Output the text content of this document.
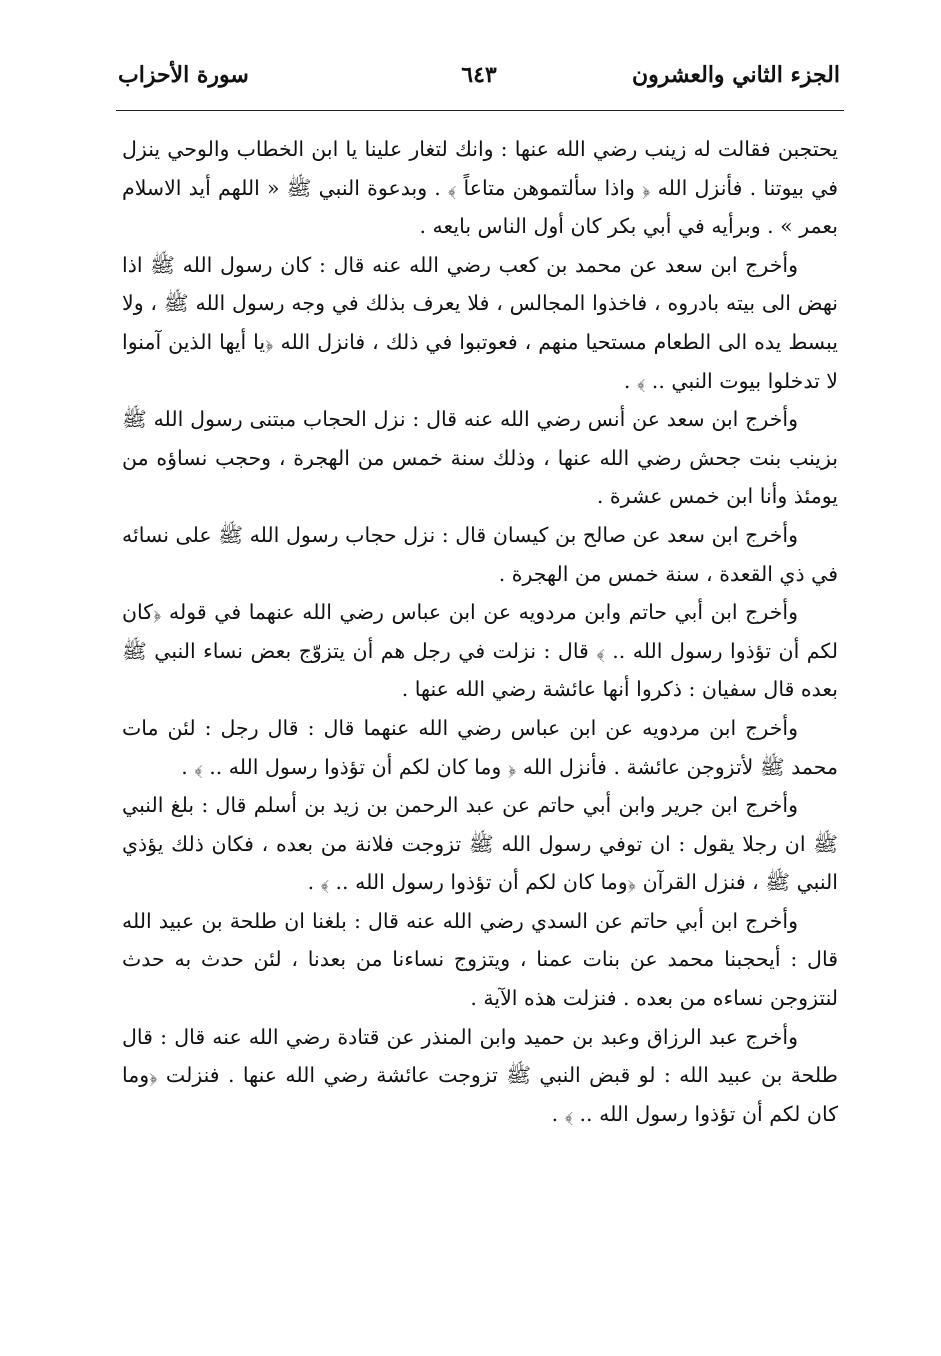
الجزء الثاني والعشرون
٦٤٣
سورة الأحزاب

يحتجبن فقالت له زينب رضي الله عنها : وانك لتغار علينا يا ابن الخطاب والوحي ينزل في بيوتنا . فأنزل الله ﴿ واذا سألتموهن متاعاً ﴾ . وبدعوة النبي ﷺ « اللهم أيد الاسلام بعمر » . وبرأيه في أبي بكر كان أول الناس بايعه .

وأخرج ابن سعد عن محمد بن كعب رضي الله عنه قال : كان رسول الله ﷺ اذا نهض الى بيته بادروه ، فاخذوا المجالس ، فلا يعرف بذلك في وجه رسول الله ﷺ ، ولا يبسط يده الى الطعام مستحيا منهم ، فعوتبوا في ذلك ، فانزل الله ﴿يا أيها الذين آمنوا لا تدخلوا بيوت النبي .. ﴾ .

وأخرج ابن سعد عن أنس رضي الله عنه قال : نزل الحجاب مبتنى رسول الله ﷺ بزينب بنت جحش رضي الله عنها ، وذلك سنة خمس من الهجرة ، وحجب نساؤه من يومئذ وأنا ابن خمس عشرة .

وأخرج ابن سعد عن صالح بن كيسان قال : نزل حجاب رسول الله ﷺ على نسائه في ذي القعدة ، سنة خمس من الهجرة .

وأخرج ابن أبي حاتم وابن مردويه عن ابن عباس رضي الله عنهما في قوله ﴿كان لكم أن تؤذوا رسول الله .. ﴾ قال : نزلت في رجل هم أن يتزوّج بعض نساء النبي ﷺ بعده قال سفيان : ذكروا أنها عائشة رضي الله عنها .

وأخرج ابن مردويه عن ابن عباس رضي الله عنهما قال : قال رجل : لئن مات محمد ﷺ لأتزوجن عائشة . فأنزل الله ﴿ وما كان لكم أن تؤذوا رسول الله .. ﴾ .

وأخرج ابن جرير وابن أبي حاتم عن عبد الرحمن بن زيد بن أسلم قال : بلغ النبي ﷺ ان رجلا يقول : ان توفي رسول الله ﷺ تزوجت فلانة من بعده ، فكان ذلك يؤذي النبي ﷺ ، فنزل القرآن ﴿وما كان لكم أن تؤذوا رسول الله .. ﴾ .

وأخرج ابن أبي حاتم عن السدي رضي الله عنه قال : بلغنا ان طلحة بن عبيد الله قال : أيحجبنا محمد عن بنات عمنا ، ويتزوج نساءنا من بعدنا ، لئن حدث به حدث لنتزوجن نساءه من بعده . فنزلت هذه الآية .

وأخرج عبد الرزاق وعبد بن حميد وابن المنذر عن قتادة رضي الله عنه قال : قال طلحة بن عبيد الله : لو قبض النبي ﷺ تزوجت عائشة رضي الله عنها . فنزلت ﴿وما كان لكم أن تؤذوا رسول الله .. ﴾ .
